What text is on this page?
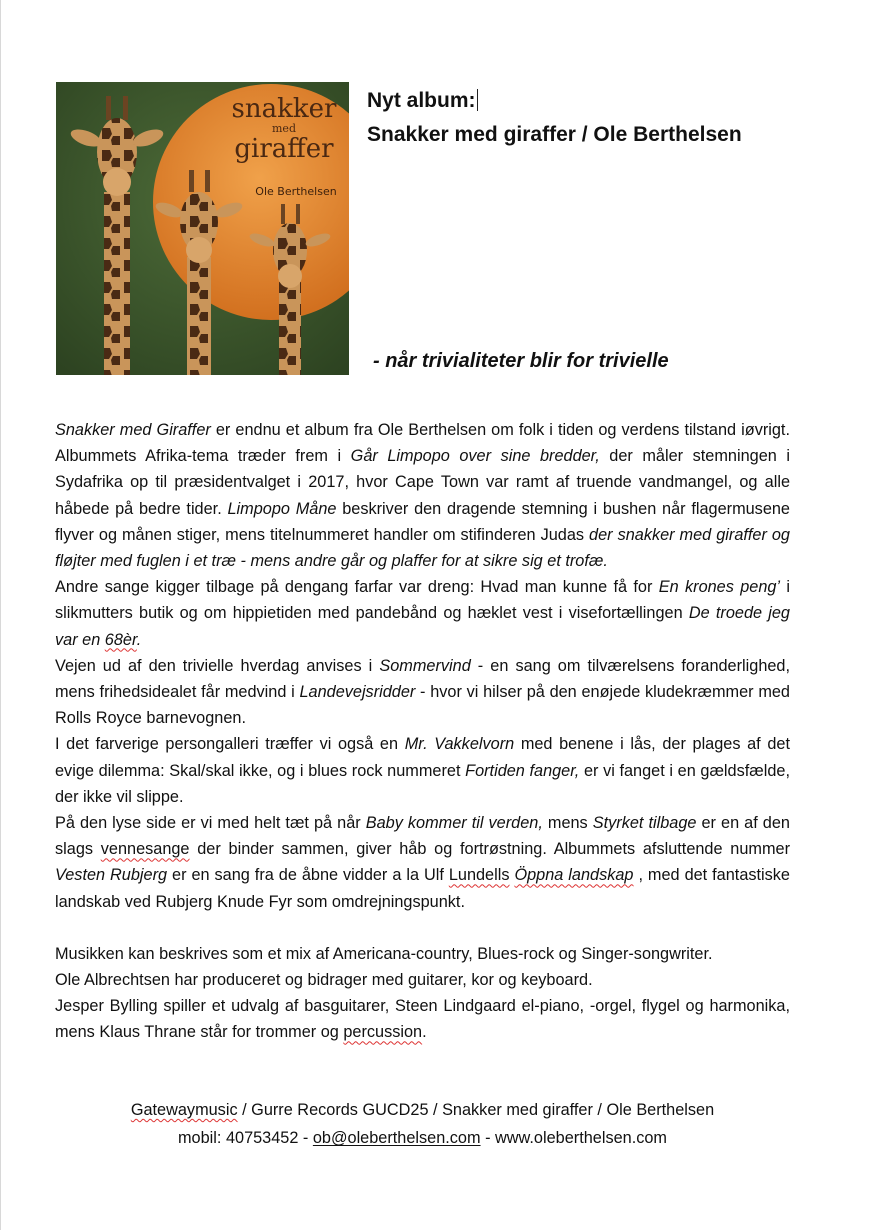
snakker
med
giraffer
Ole Berthelsen
Nyt album:
Snakker med giraffer / Ole Berthelsen
- når trivialiteter blir for trivielle

Snakker med Giraffer er endnu et album fra Ole Berthelsen om folk i tiden og verdens tilstand iøvrigt. Albummets Afrika-tema træder frem i Går Limpopo over sine bredder, der måler stemningen i Sydafrika op til præsidentvalget i 2017, hvor Cape Town var ramt af truende vandmangel, og alle håbede på bedre tider. Limpopo Måne beskriver den dragende stemning i bushen når flagermusene flyver og månen stiger, mens titelnummeret handler om stifinderen Judas der snakker med giraffer og fløjter med fuglen i et træ - mens andre går og plaffer for at sikre sig et trofæ.

Andre sange kigger tilbage på dengang farfar var dreng: Hvad man kunne få for En krones peng’ i slikmutters butik og om hippietiden med pandebånd og hæklet vest i visefortællingen De troede jeg var en 68èr.

Vejen ud af den trivielle hverdag anvises i Sommervind - en sang om tilværelsens foranderlighed, mens frihedsidealet får medvind i Landevejsridder - hvor vi hilser på den enøjede kludekræmmer med Rolls Royce barnevognen.

I det farverige persongalleri træffer vi også en Mr. Vakkelvorn med benene i lås, der plages af det evige dilemma: Skal/skal ikke, og i blues rock nummeret Fortiden fanger, er vi fanget i en gældsfælde, der ikke vil slippe.

På den lyse side er vi med helt tæt på når Baby kommer til verden, mens Styrket tilbage er en af den slags vennesange der binder sammen, giver håb og fortrøstning. Albummets afsluttende nummer Vesten Rubjerg er en sang fra de åbne vidder a la Ulf Lundells Öppna landskap , med det fantastiske landskab ved Rubjerg Knude Fyr som omdrejningspunkt.

Musikken kan beskrives som et mix af Americana-country, Blues-rock og Singer-songwriter.

Ole Albrechtsen har produceret og bidrager med guitarer, kor og keyboard.

Jesper Bylling spiller et udvalg af basguitarer, Steen Lindgaard el-piano, -orgel, flygel og harmonika, mens Klaus Thrane står for trommer og percussion.

Gatewaymusic / Gurre Records GUCD25 / Snakker med giraffer / Ole Berthelsen
mobil: 40753452 - ob@oleberthelsen.com - www.oleberthelsen.com
